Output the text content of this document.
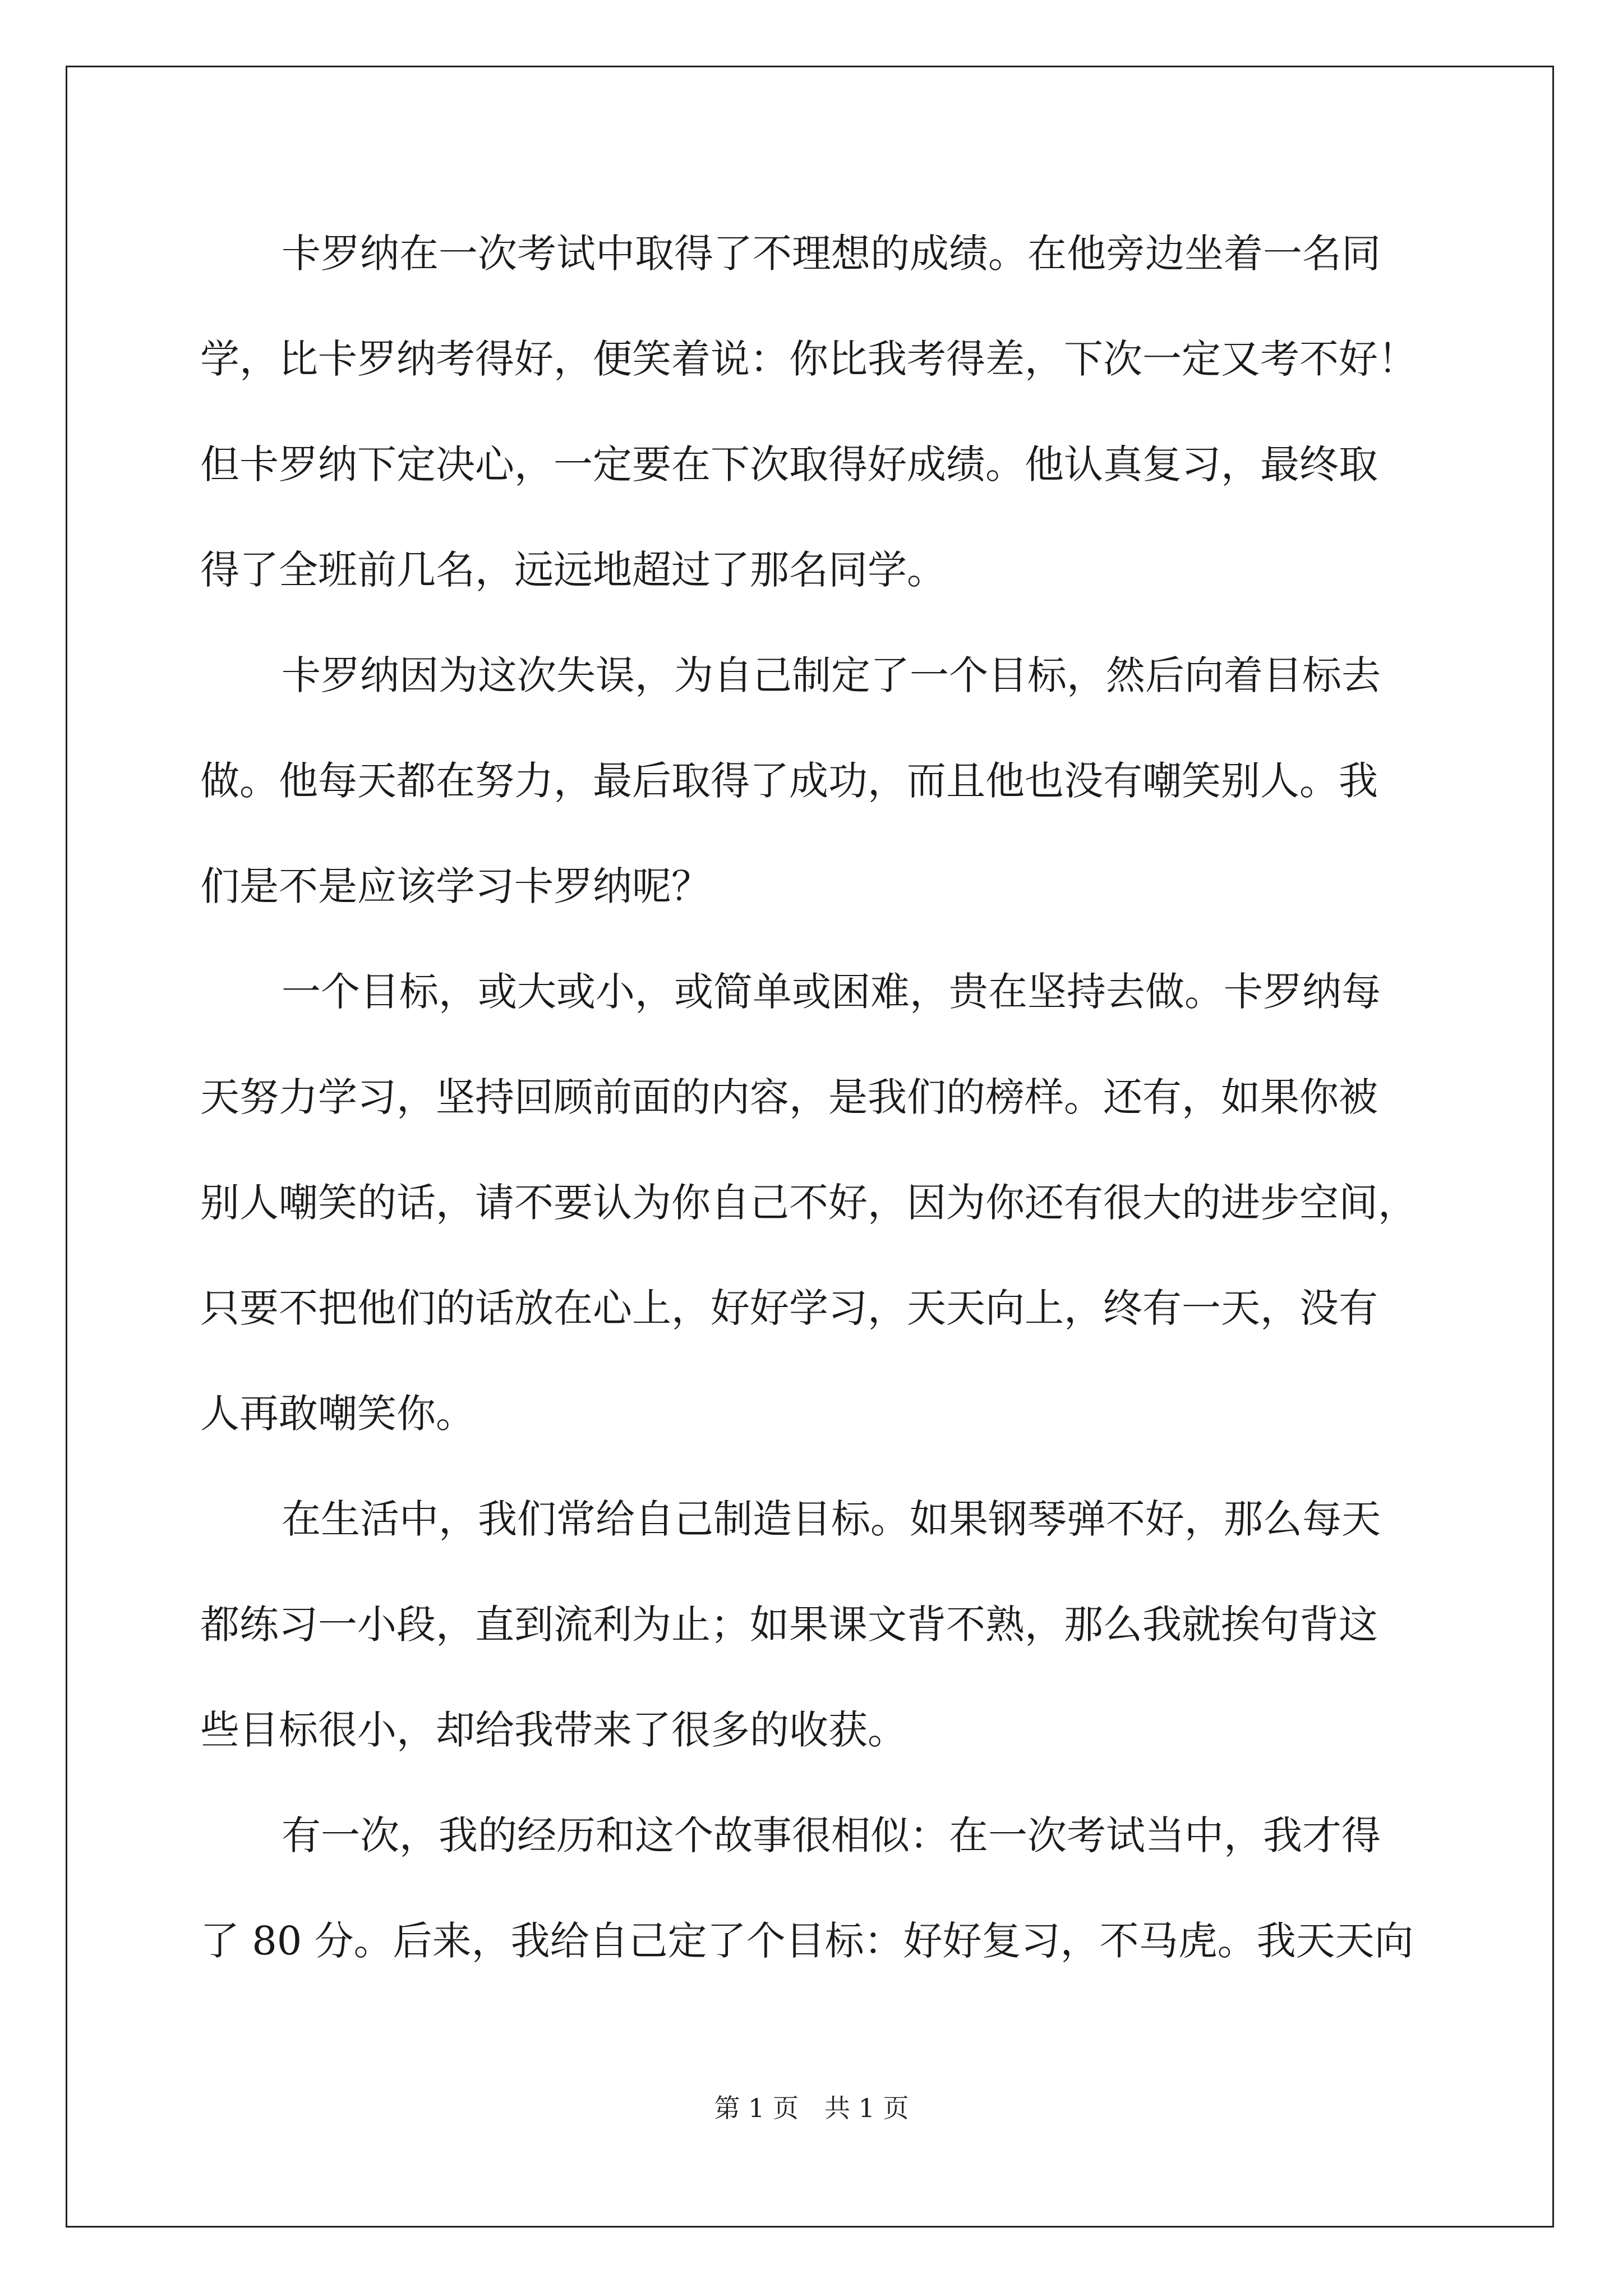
卡罗纳在一次考试中取得了不理想的成绩。在他旁边坐着一名同
学，比卡罗纳考得好，便笑着说：你比我考得差，下次一定又考不好！
但卡罗纳下定决心，一定要在下次取得好成绩。他认真复习，最终取
得了全班前几名，远远地超过了那名同学。
卡罗纳因为这次失误，为自己制定了一个目标，然后向着目标去
做。他每天都在努力，最后取得了成功，而且他也没有嘲笑别人。我
们是不是应该学习卡罗纳呢？
一个目标，或大或小，或简单或困难，贵在坚持去做。卡罗纳每
天努力学习，坚持回顾前面的内容，是我们的榜样。还有，如果你被
别人嘲笑的话，请不要认为你自己不好，因为你还有很大的进步空间，
只要不把他们的话放在心上，好好学习，天天向上，终有一天，没有
人再敢嘲笑你。
在生活中，我们常给自己制造目标。如果钢琴弹不好，那么每天
都练习一小段，直到流利为止；如果课文背不熟，那么我就挨句背这
些目标很小，却给我带来了很多的收获。
有一次，我的经历和这个故事很相似：在一次考试当中，我才得
了 80 分。后来，我给自己定了个目标：好好复习，不马虎。我天天向
第 1 页 共 1 页
